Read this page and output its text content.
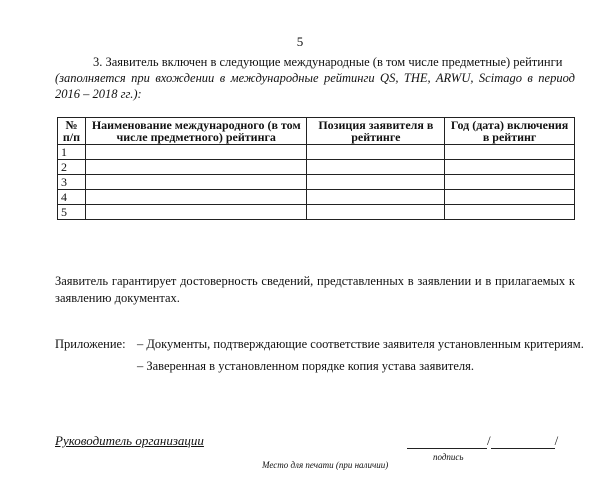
5
3. Заявитель включен в следующие международные (в том числе предметные) рейтинги
(заполняется при вхождении в международные рейтинги QS, THE, ARWU, Scimago в период 2016 – 2018 гг.):
№ п/п	Наименование международного (в том числе предметного) рейтинга	Позиция заявителя в рейтинге	Год (дата) включения в рейтинг
1			
2			
3			
4			
5			
Заявитель гарантирует достоверность сведений, представленных в заявлении и в прилагаемых к заявлению документах.
Приложение: – Документы, подтверждающие соответствие заявителя установленным критериям.
– Заверенная в установленном порядке копия устава заявителя.
Руководитель организации	/	/
подпись
Место для печати (при наличии)
